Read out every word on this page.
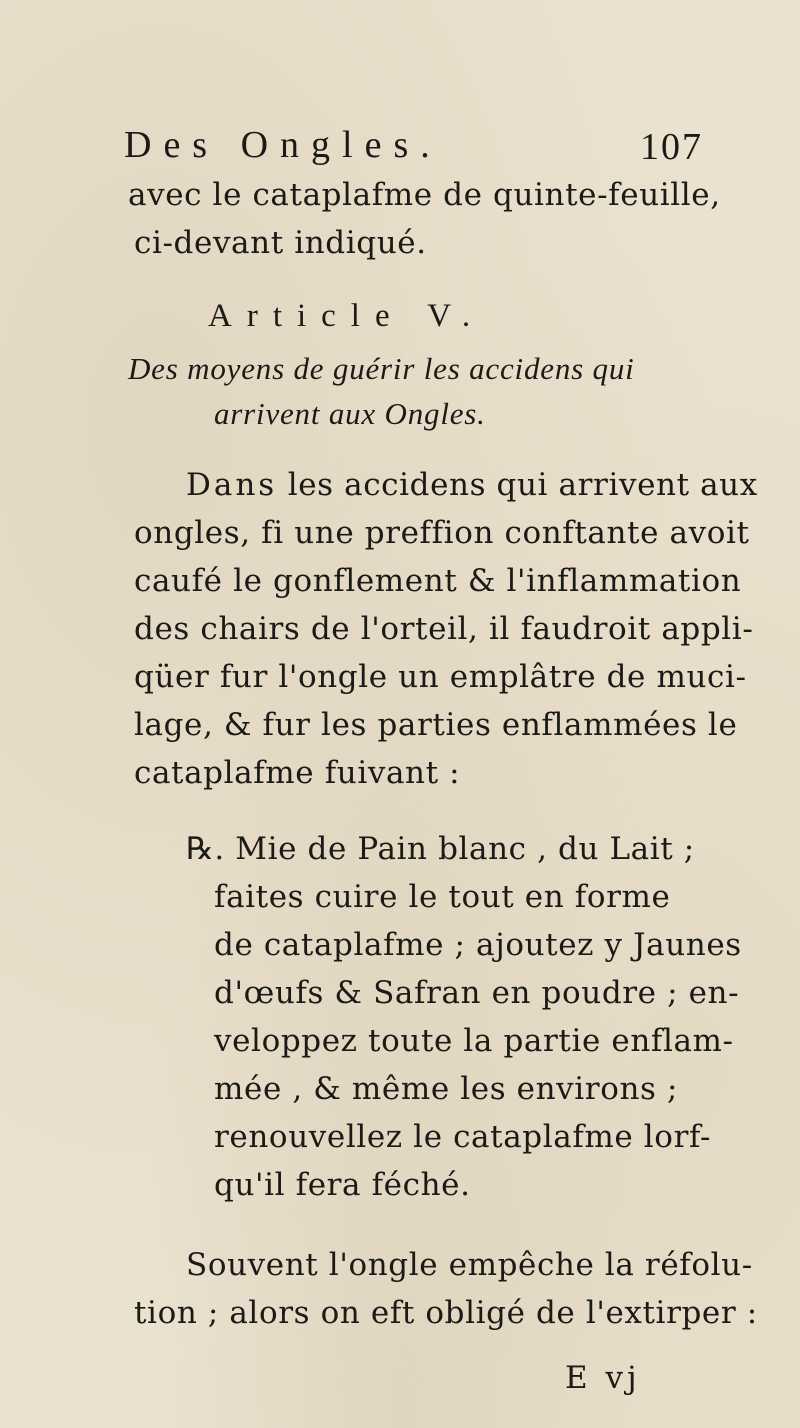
Des Ongles.	107
avec le cataplafme de quinte-feuille,
ci-devant indiqué.
Article V.
Des moyens de guérir les accidens qui
arrivent aux Ongles.
Dans les accidens qui arrivent aux
ongles, fi une preffion conftante avoit
caufé le gonflement & l'inflammation
des chairs de l'orteil, il faudroit appli-
qüer fur l'ongle un emplâtre de muci-
lage, & fur les parties enflammées le
cataplafme fuivant :
℞. Mie de Pain blanc , du Lait ;
faites cuire le tout en forme
de cataplafme ; ajoutez y Jaunes
d'œufs & Safran en poudre ; en-
veloppez toute la partie enflam-
mée , & même les environs ;
renouvellez le cataplafme lorf-
qu'il fera féché.
Souvent l'ongle empêche la réfolu-
tion ; alors on eft obligé de l'extirper :
E vj
